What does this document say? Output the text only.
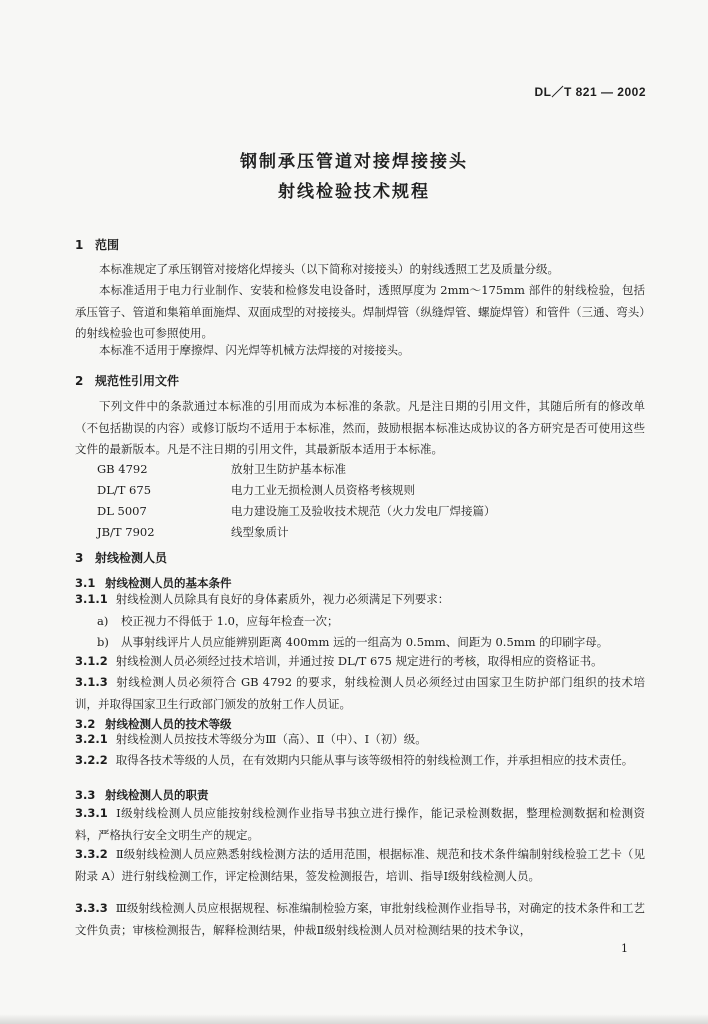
DL／T 821 — 2002
钢制承压管道对接焊接接头
射线检验技术规程
1 范围
本标准规定了承压钢管对接熔化焊接头（以下简称对接接头）的射线透照工艺及质量分级。
本标准适用于电力行业制作、安装和检修发电设备时，透照厚度为 2mm～175mm 部件的射线检验，包括承压管子、管道和集箱单面施焊、双面成型的对接接头。焊制焊管（纵缝焊管、螺旋焊管）和管件（三通、弯头）的射线检验也可参照使用。
本标准不适用于摩擦焊、闪光焊等机械方法焊接的对接接头。
2 规范性引用文件
下列文件中的条款通过本标准的引用而成为本标准的条款。凡是注日期的引用文件，其随后所有的修改单（不包括勘误的内容）或修订版均不适用于本标准，然而，鼓励根据本标准达成协议的各方研究是否可使用这些文件的最新版本。凡是不注日期的引用文件，其最新版本适用于本标准。
GB 4792	放射卫生防护基本标准
DL/T 675	电力工业无损检测人员资格考核规则
DL 5007	电力建设施工及验收技术规范（火力发电厂焊接篇）
JB/T 7902	线型象质计
3 射线检测人员
3.1 射线检测人员的基本条件
3.1.1 射线检测人员除具有良好的身体素质外，视力必须满足下列要求：
a) 校正视力不得低于 1.0，应每年检查一次；
b) 从事射线评片人员应能辨别距离 400mm 远的一组高为 0.5mm、间距为 0.5mm 的印刷字母。
3.1.2 射线检测人员必须经过技术培训，并通过按 DL/T 675 规定进行的考核，取得相应的资格证书。
3.1.3 射线检测人员必须符合 GB 4792 的要求，射线检测人员必须经过由国家卫生防护部门组织的技术培训，并取得国家卫生行政部门颁发的放射工作人员证。
3.2 射线检测人员的技术等级
3.2.1 射线检测人员按技术等级分为Ⅲ（高）、Ⅱ（中）、Ⅰ（初）级。
3.2.2 取得各技术等级的人员，在有效期内只能从事与该等级相符的射线检测工作，并承担相应的技术责任。
3.3 射线检测人员的职责
3.3.1 Ⅰ级射线检测人员应能按射线检测作业指导书独立进行操作，能记录检测数据，整理检测数据和检测资料，严格执行安全文明生产的规定。
3.3.2 Ⅱ级射线检测人员应熟悉射线检测方法的适用范围，根据标准、规范和技术条件编制射线检验工艺卡（见附录 A）进行射线检测工作，评定检测结果，签发检测报告，培训、指导Ⅰ级射线检测人员。
3.3.3 Ⅲ级射线检测人员应根据规程、标准编制检验方案，审批射线检测作业指导书，对确定的技术条件和工艺文件负责；审核检测报告，解释检测结果，仲裁Ⅱ级射线检测人员对检测结果的技术争议，
1
